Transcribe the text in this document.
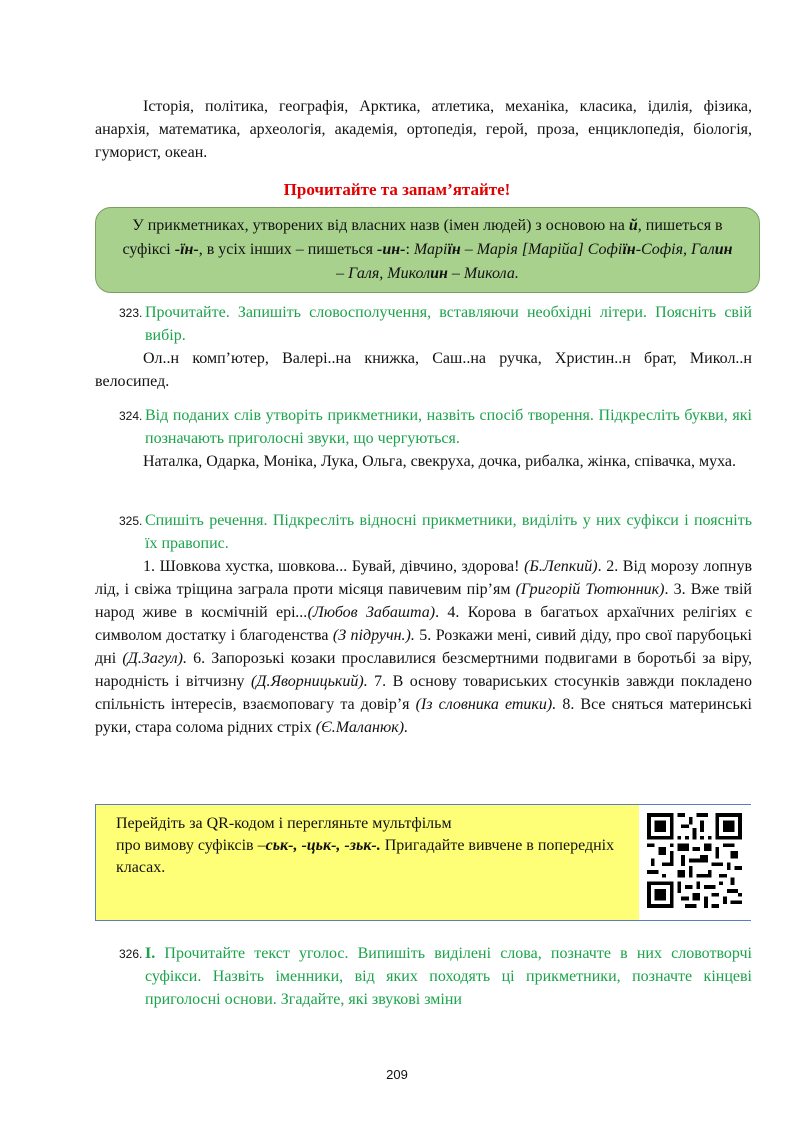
Історія, політика, географія, Арктика, атлетика, механіка, класика, ідилія, фізика, анархія, математика, археологія, академія, ортопедія, герой, проза, енциклопедія, біологія, гуморист, океан.
Прочитайте та запам’ятайте!
У прикметниках, утворених від власних назв (імен людей) з основою на й, пишеться в суфіксі -їн-, в усіх інших – пишеться -ин-: Маріїн – Марія [Марійа] Софіїн-Софія, Галин – Галя, Миколин – Микола.
323. Прочитайте. Запишіть словосполучення, вставляючи необхідні літери. Поясніть свій вибір.
Ол..н комп’ютер, Валері..на книжка, Саш..на ручка, Христин..н брат, Микол..н велосипед.
324. Від поданих слів утворіть прикметники, назвіть спосіб творення. Підкресліть букви, які позначають приголосні звуки, що чергуються.
Наталка, Одарка, Моніка, Лука, Ольга, свекруха, дочка, рибалка, жінка, співачка, муха.
325. Спишіть речення. Підкресліть відносні прикметники, виділіть у них суфікси і поясніть їх правопис.
1. Шовкова хустка, шовкова... Бувай, дівчино, здорова! (Б.Лепкий). 2. Від морозу лопнув лід, і свіжа тріщина заграла проти місяця павичевим пір’ям (Григорій Тютюнник). 3. Вже твій народ живе в космічній ері...(Любов Забашта). 4. Корова в багатьох архаїчних релігіях є символом достатку і благоденства (З підручн.). 5. Розкажи мені, сивий діду, про свої парубоцькі дні (Д.Загул). 6. Запорозькі козаки прославилися безсмертними подвигами в боротьбі за віру, народність і вітчизну (Д.Яворницький). 7. В основу товариських стосунків завжди покладено спільність інтересів, взаємоповагу та довір’я (Із словника етики). 8. Все сняться материнські руки, стара солома рідних стріх (Є.Маланюк).
Перейдіть за QR-кодом і перегляньте мультфільм
про вимову суфіксів –ськ-, -цьк-, -зьк-. Пригадайте вивчене в попередніх класах.
326. І. Прочитайте текст уголос. Випишіть виділені слова, позначте в них словотворчі суфікси. Назвіть іменники, від яких походять ці прикметники, позначте кінцеві приголосні основи. Згадайте, які звукові зміни
209
